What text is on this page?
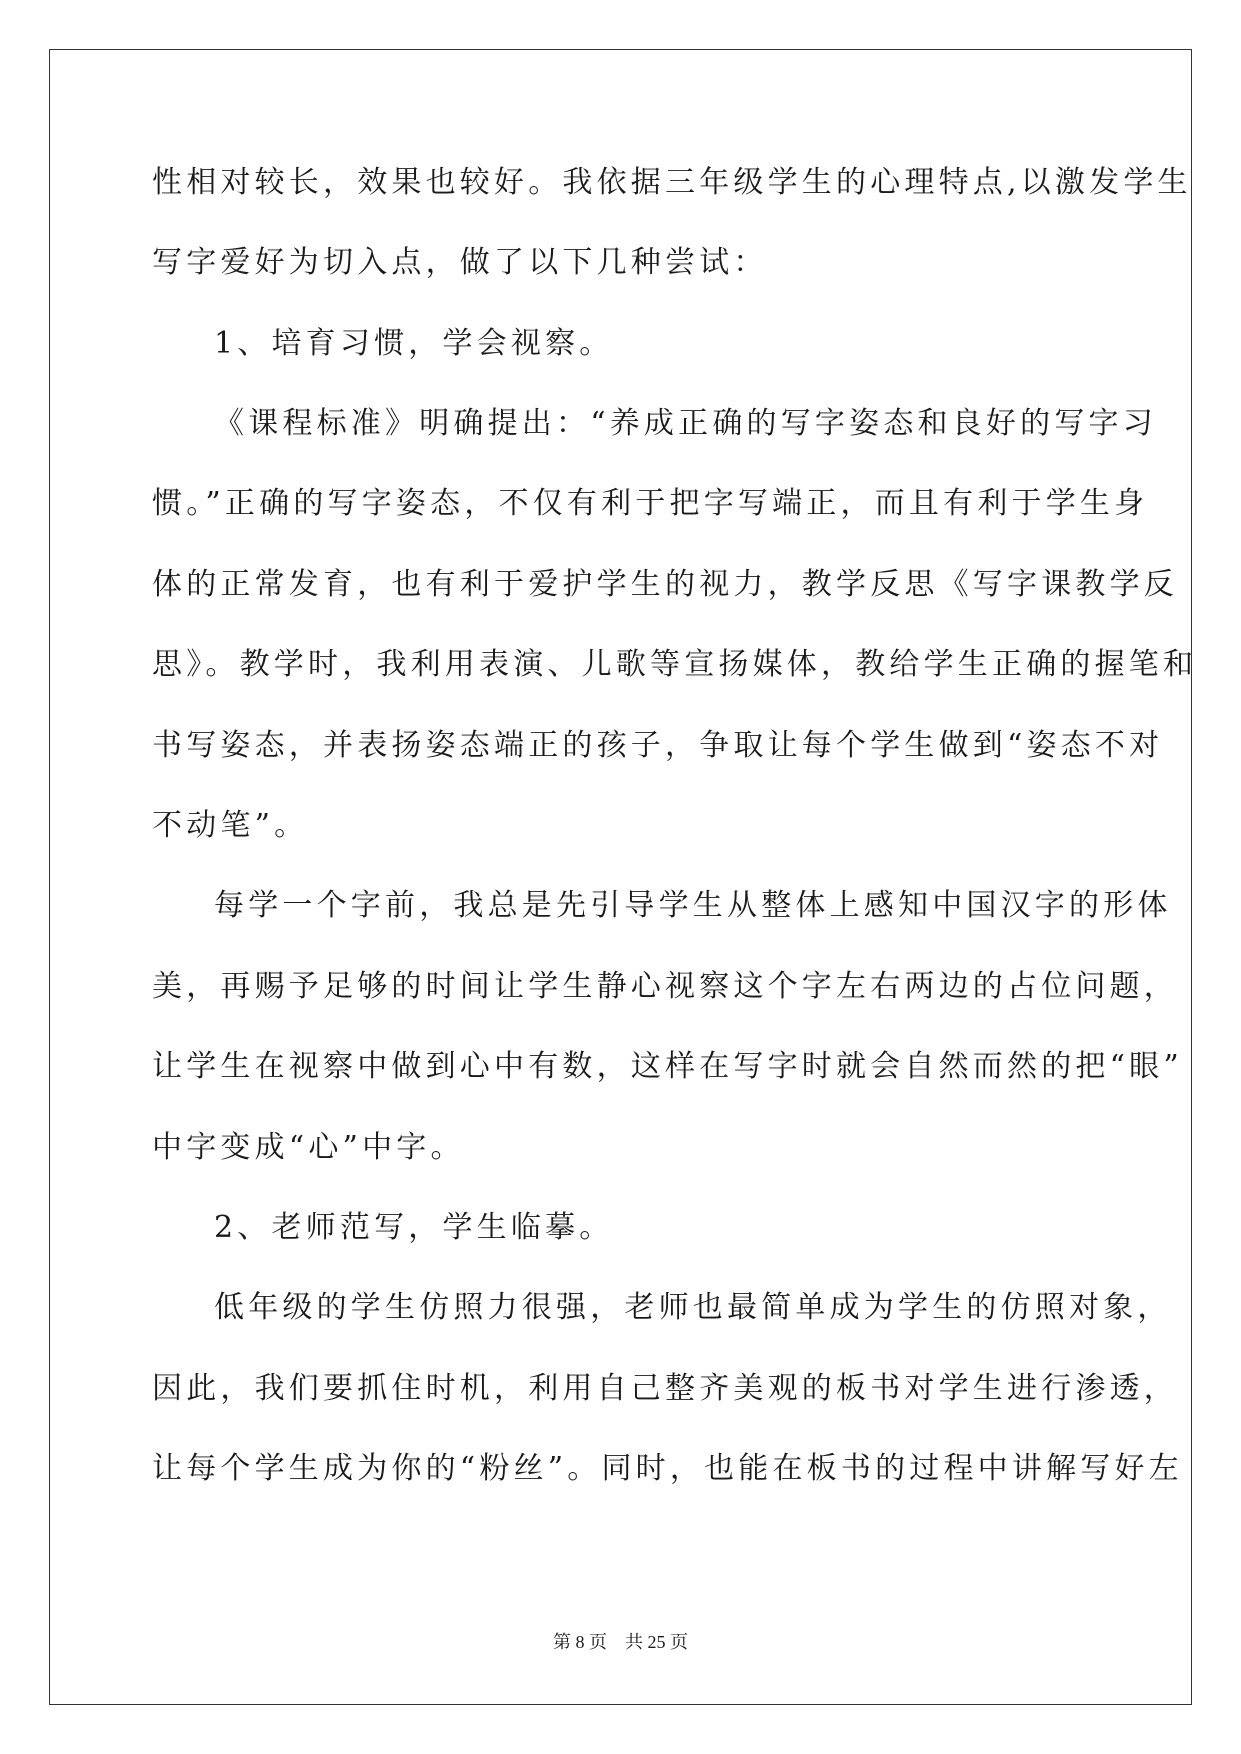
性相对较长，效果也较好。我依据三年级学生的心理特点,以激发学生
写字爱好为切入点，做了以下几种尝试：
1、培育习惯，学会视察。
《课程标准》明确提出：“养成正确的写字姿态和良好的写字习
惯。”正确的写字姿态，不仅有利于把字写端正，而且有利于学生身
体的正常发育，也有利于爱护学生的视力，教学反思《写字课教学反
思》。教学时，我利用表演、儿歌等宣扬媒体，教给学生正确的握笔和
书写姿态，并表扬姿态端正的孩子，争取让每个学生做到“姿态不对
不动笔”。
每学一个字前，我总是先引导学生从整体上感知中国汉字的形体
美，再赐予足够的时间让学生静心视察这个字左右两边的占位问题，
让学生在视察中做到心中有数，这样在写字时就会自然而然的把“眼”
中字变成“心”中字。
2、老师范写，学生临摹。
低年级的学生仿照力很强，老师也最简单成为学生的仿照对象，
因此，我们要抓住时机，利用自己整齐美观的板书对学生进行渗透，
让每个学生成为你的“粉丝”。同时，也能在板书的过程中讲解写好左
第 8 页 共 25 页
